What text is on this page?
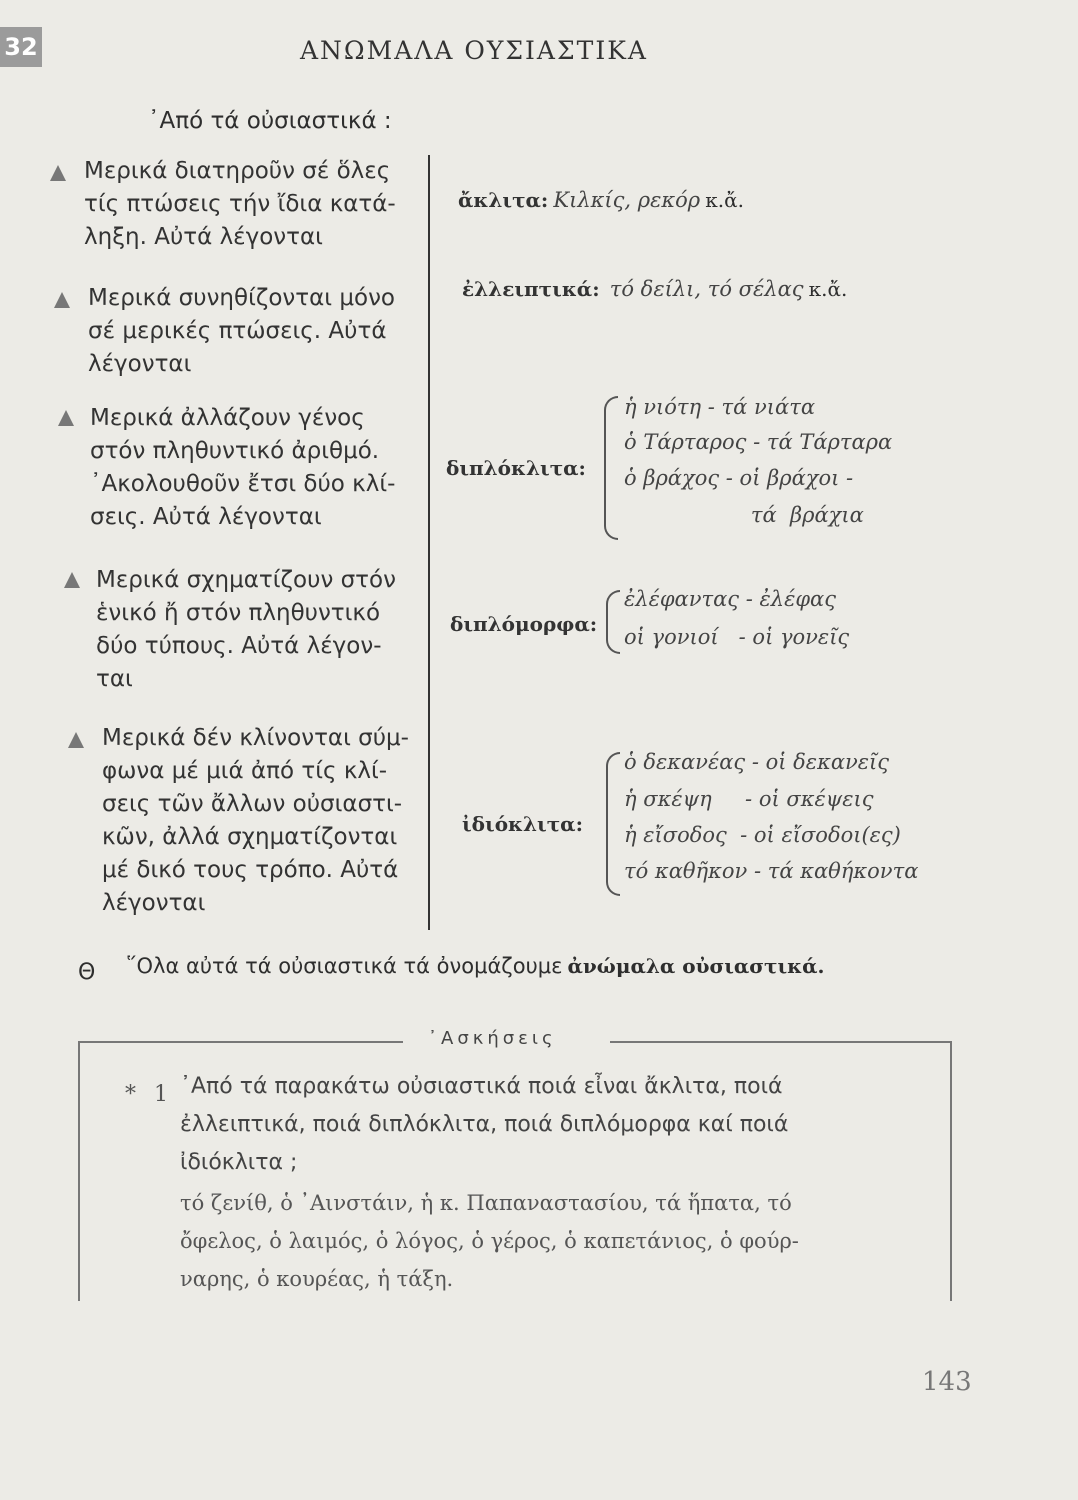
32	ΑΝΩΜΑΛΑ ΟΥΣΙΑΣΤΙΚΑ
᾿Από τά οὐσιαστικά :
Μερικά διατηροῦν σέ ὅλες
τίς πτώσεις τήν ἴδια κατά-
ληξη. Αὐτά λέγονται
ἄκλιτα: Κιλκίς, ρεκόρ κ.ἄ.
Μερικά συνηθίζονται μόνο
σέ μερικές πτώσεις. Αὐτά
λέγονται
ἐλλειπτικά: τό δείλι, τό σέλας κ.ἄ.
Μερικά ἀλλάζουν γένος
στόν πληθυντικό ἀριθμό.
᾿Ακολουθοῦν ἔτσι δύο κλί-
σεις. Αὐτά λέγονται
διπλόκλιτα:
ἡ νιότη - τά νιάτα
ὁ Τάρταρος - τά Τάρταρα
ὁ βράχος - οἱ βράχοι -
τά  βράχια
Μερικά σχηματίζουν στόν
ἑνικό ἤ στόν πληθυντικό
δύο τύπους. Αὐτά λέγον-
ται
διπλόμορφα:
ἐλέφαντας - ἐλέφας
οἱ γονιοί   - οἱ γονεῖς
Μερικά δέν κλίνονται σύμ-
φωνα μέ μιά ἀπό τίς κλί-
σεις τῶν ἄλλων οὐσιαστι-
κῶν, ἀλλά σχηματίζονται
μέ δικό τους τρόπο. Αὐτά
λέγονται
ἰδιόκλιτα:
ὁ δεκανέας - οἱ δεκανεῖς
ἡ σκέψη     - οἱ σκέψεις
ἡ εἴσοδος  - οἱ εἴσοδοι(ες)
τό καθῆκον - τά καθήκοντα
Θ ῞Ολα αὐτά τά οὐσιαστικά τά ὀνομάζουμε ἀνώμαλα οὐσιαστικά.
᾿Ασκήσεις
* 1 ᾿Από τά παρακάτω οὐσιαστικά ποιά εἶναι ἄκλιτα, ποιά
ἐλλειπτικά, ποιά διπλόκλιτα, ποιά διπλόμορφα καί ποιά
ἰδιόκλιτα ;
τό ζενίθ, ὁ ᾿Αινστάιν, ἡ κ. Παπαναστασίου, τά ἥπατα, τό
ὄφελος, ὁ λαιμός, ὁ λόγος, ὁ γέρος, ὁ καπετάνιος, ὁ φούρ-
ναρης, ὁ κουρέας, ἡ τάξη.
143
